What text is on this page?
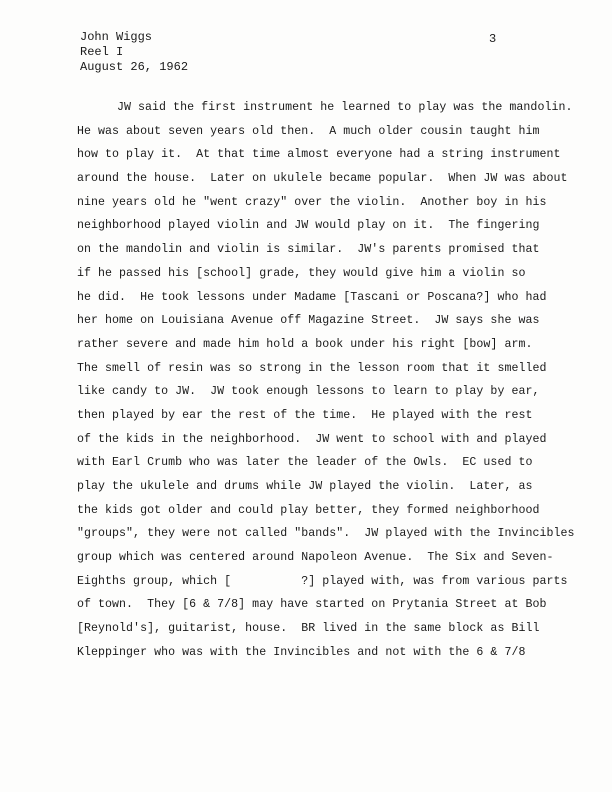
John Wiggs
Reel I
August 26, 1962
3
JW said the first instrument he learned to play was the mandolin.
He was about seven years old then.  A much older cousin taught him
how to play it.  At that time almost everyone had a string instrument
around the house.  Later on ukulele became popular.  When JW was about
nine years old he "went crazy" over the violin.  Another boy in his
neighborhood played violin and JW would play on it.  The fingering
on the mandolin and violin is similar.  JW's parents promised that
if he passed his [school] grade, they would give him a violin so
he did.  He took lessons under Madame [Tascani or Poscana?] who had
her home on Louisiana Avenue off Magazine Street.  JW says she was
rather severe and made him hold a book under his right [bow] arm.
The smell of resin was so strong in the lesson room that it smelled
like candy to JW.  JW took enough lessons to learn to play by ear,
then played by ear the rest of the time.  He played with the rest
of the kids in the neighborhood.  JW went to school with and played
with Earl Crumb who was later the leader of the Owls.  EC used to
play the ukulele and drums while JW played the violin.  Later, as
the kids got older and could play better, they formed neighborhood
"groups", they were not called "bands".  JW played with the Invincibles
group which was centered around Napoleon Avenue.  The Six and Seven-
Eighths group, which [          ?] played with, was from various parts
of town.  They [6 & 7/8] may have started on Prytania Street at Bob
[Reynold's], guitarist, house.  BR lived in the same block as Bill
Kleppinger who was with the Invincibles and not with the 6 & 7/8
